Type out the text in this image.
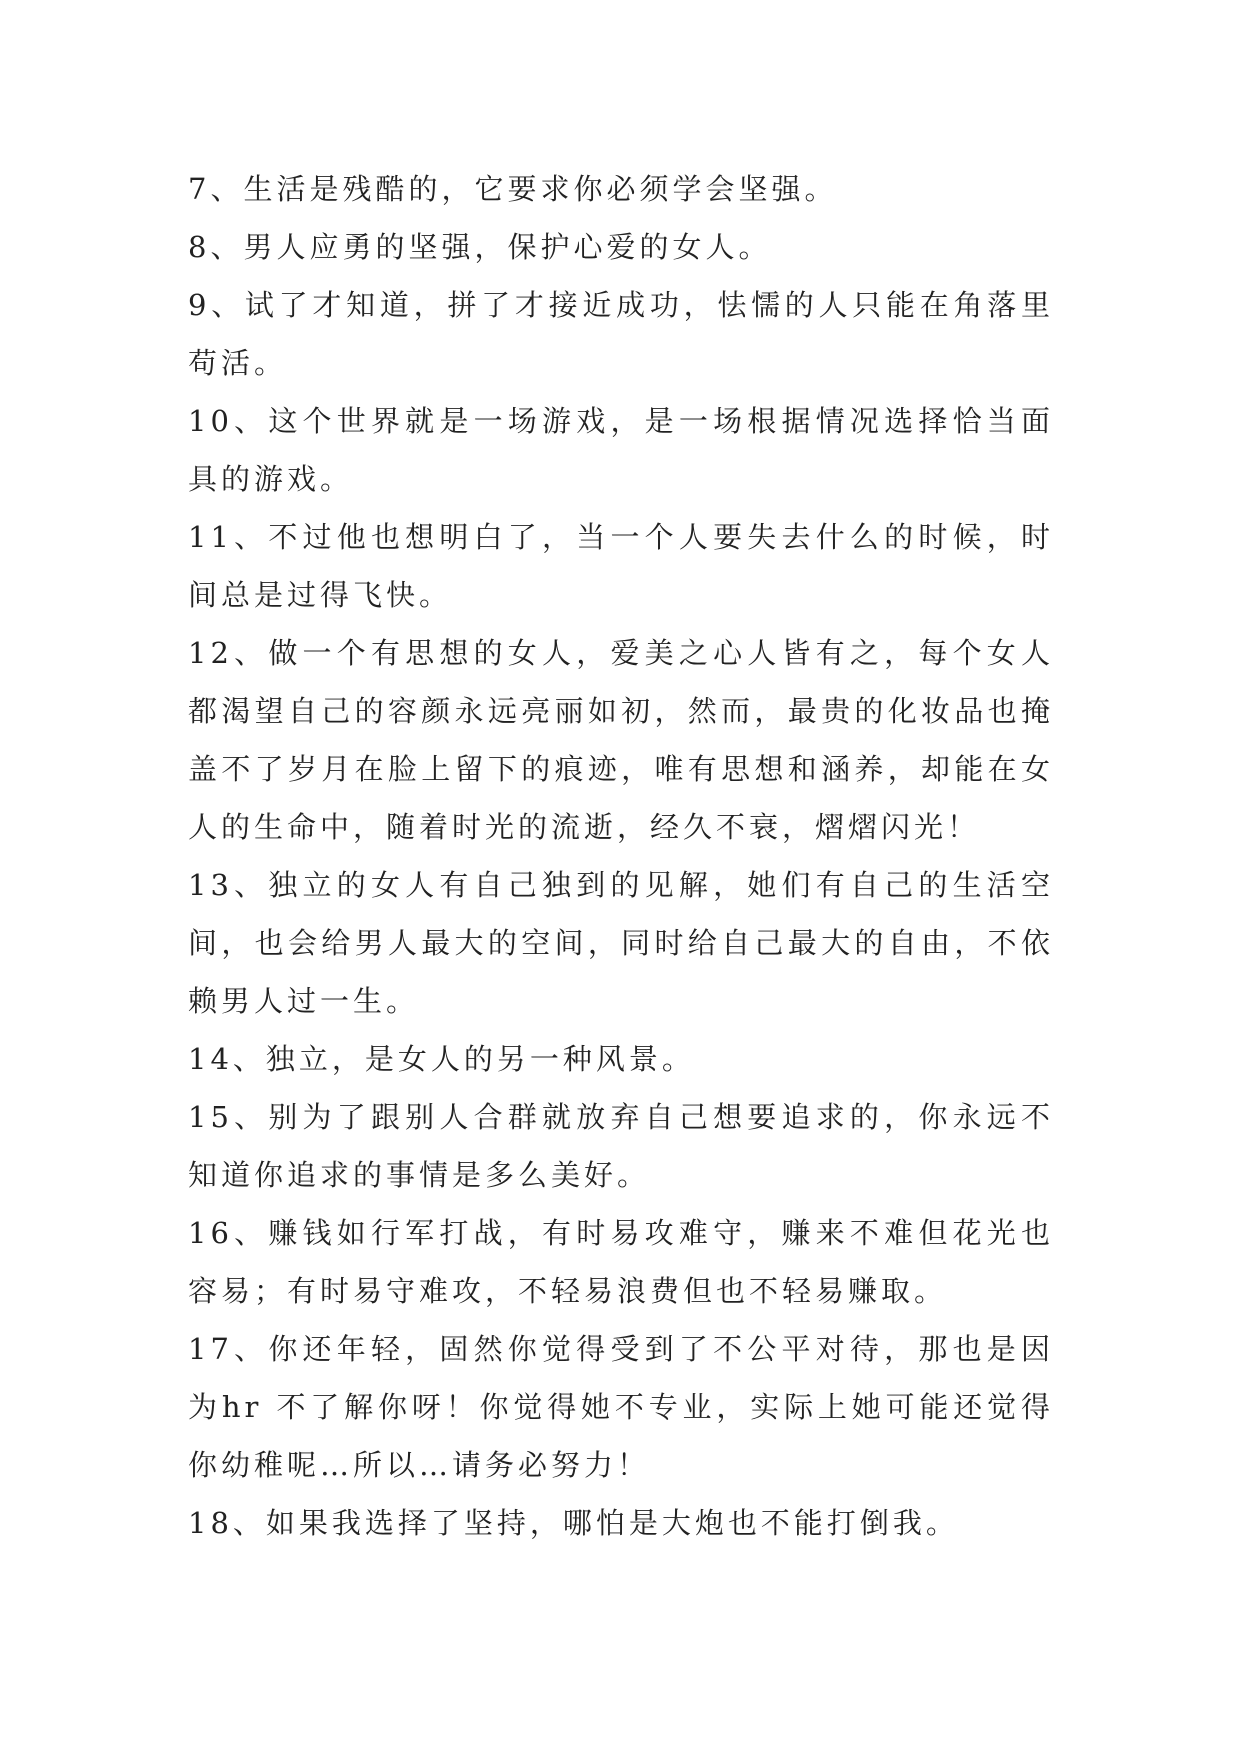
7、生活是残酷的，它要求你必须学会坚强。

8、男人应勇的坚强，保护心爱的女人。

9、试了才知道，拼了才接近成功，怯懦的人只能在角落里苟活。

10、这个世界就是一场游戏，是一场根据情况选择恰当面具的游戏。

11、不过他也想明白了，当一个人要失去什么的时候，时间总是过得飞快。

12、做一个有思想的女人，爱美之心人皆有之，每个女人都渴望自己的容颜永远亮丽如初，然而，最贵的化妆品也掩盖不了岁月在脸上留下的痕迹，唯有思想和涵养，却能在女人的生命中，随着时光的流逝，经久不衰，熠熠闪光！

13、独立的女人有自己独到的见解，她们有自己的生活空间，也会给男人最大的空间，同时给自己最大的自由，不依赖男人过一生。

14、独立，是女人的另一种风景。

15、别为了跟别人合群就放弃自己想要追求的，你永远不知道你追求的事情是多么美好。

16、赚钱如行军打战，有时易攻难守，赚来不难但花光也容易；有时易守难攻，不轻易浪费但也不轻易赚取。

17、你还年轻，固然你觉得受到了不公平对待，那也是因为hr 不了解你呀！你觉得她不专业，实际上她可能还觉得你幼稚呢…所以…请务必努力！

18、如果我选择了坚持，哪怕是大炮也不能打倒我。
